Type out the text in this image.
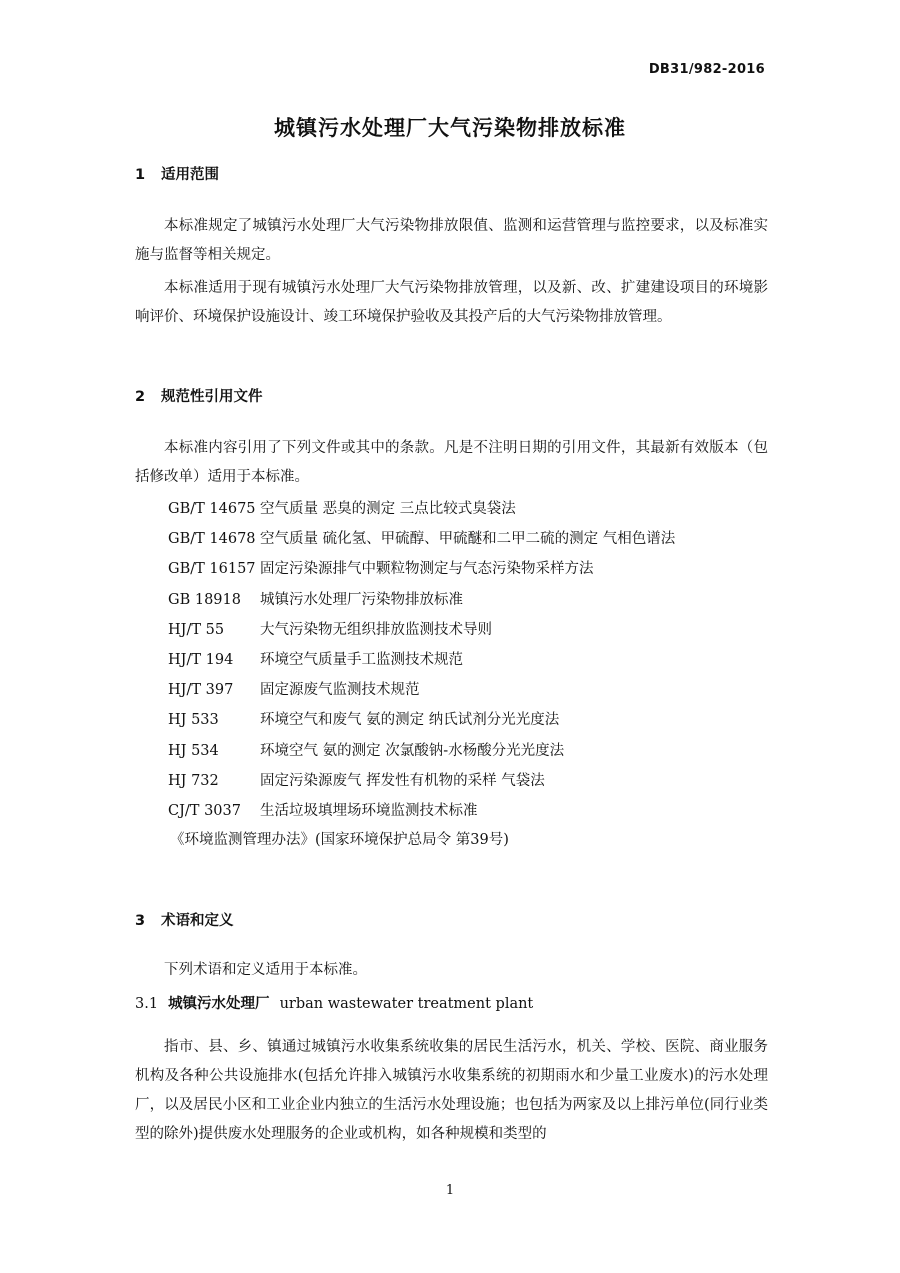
DB31/982-2016
城镇污水处理厂大气污染物排放标准
1 适用范围

本标准规定了城镇污水处理厂大气污染物排放限值、监测和运营管理与监控要求，以及标准实施与监督等相关规定。

本标准适用于现有城镇污水处理厂大气污染物排放管理，以及新、改、扩建建设项目的环境影响评价、环境保护设施设计、竣工环境保护验收及其投产后的大气污染物排放管理。

2 规范性引用文件

本标准内容引用了下列文件或其中的条款。凡是不注明日期的引用文件，其最新有效版本（包括修改单）适用于本标准。

GB/T 14675 空气质量 恶臭的测定 三点比较式臭袋法
GB/T 14678 空气质量 硫化氢、甲硫醇、甲硫醚和二甲二硫的测定 气相色谱法
GB/T 16157 固定污染源排气中颗粒物测定与气态污染物采样方法
GB 18918 城镇污水处理厂污染物排放标准
HJ/T 55 大气污染物无组织排放监测技术导则
HJ/T 194 环境空气质量手工监测技术规范
HJ/T 397 固定源废气监测技术规范
HJ 533	环境空气和废气 氨的测定 纳氏试剂分光光度法
HJ 534	环境空气 氨的测定 次氯酸钠-水杨酸分光光度法
HJ 732	固定污染源废气 挥发性有机物的采样 气袋法
CJ/T 3037 生活垃圾填埋场环境监测技术标准
《环境监测管理办法》(国家环境保护总局令 第39号)
3 术语和定义

下列术语和定义适用于本标准。

3.1 城镇污水处理厂 urban wastewater treatment plant

指市、县、乡、镇通过城镇污水收集系统收集的居民生活污水，机关、学校、医院、商业服务机构及各种公共设施排水(包括允许排入城镇污水收集系统的初期雨水和少量工业废水)的污水处理厂，以及居民小区和工业企业内独立的生活污水处理设施；也包括为两家及以上排污单位(同行业类型的除外)提供废水处理服务的企业或机构，如各种规模和类型的

1
